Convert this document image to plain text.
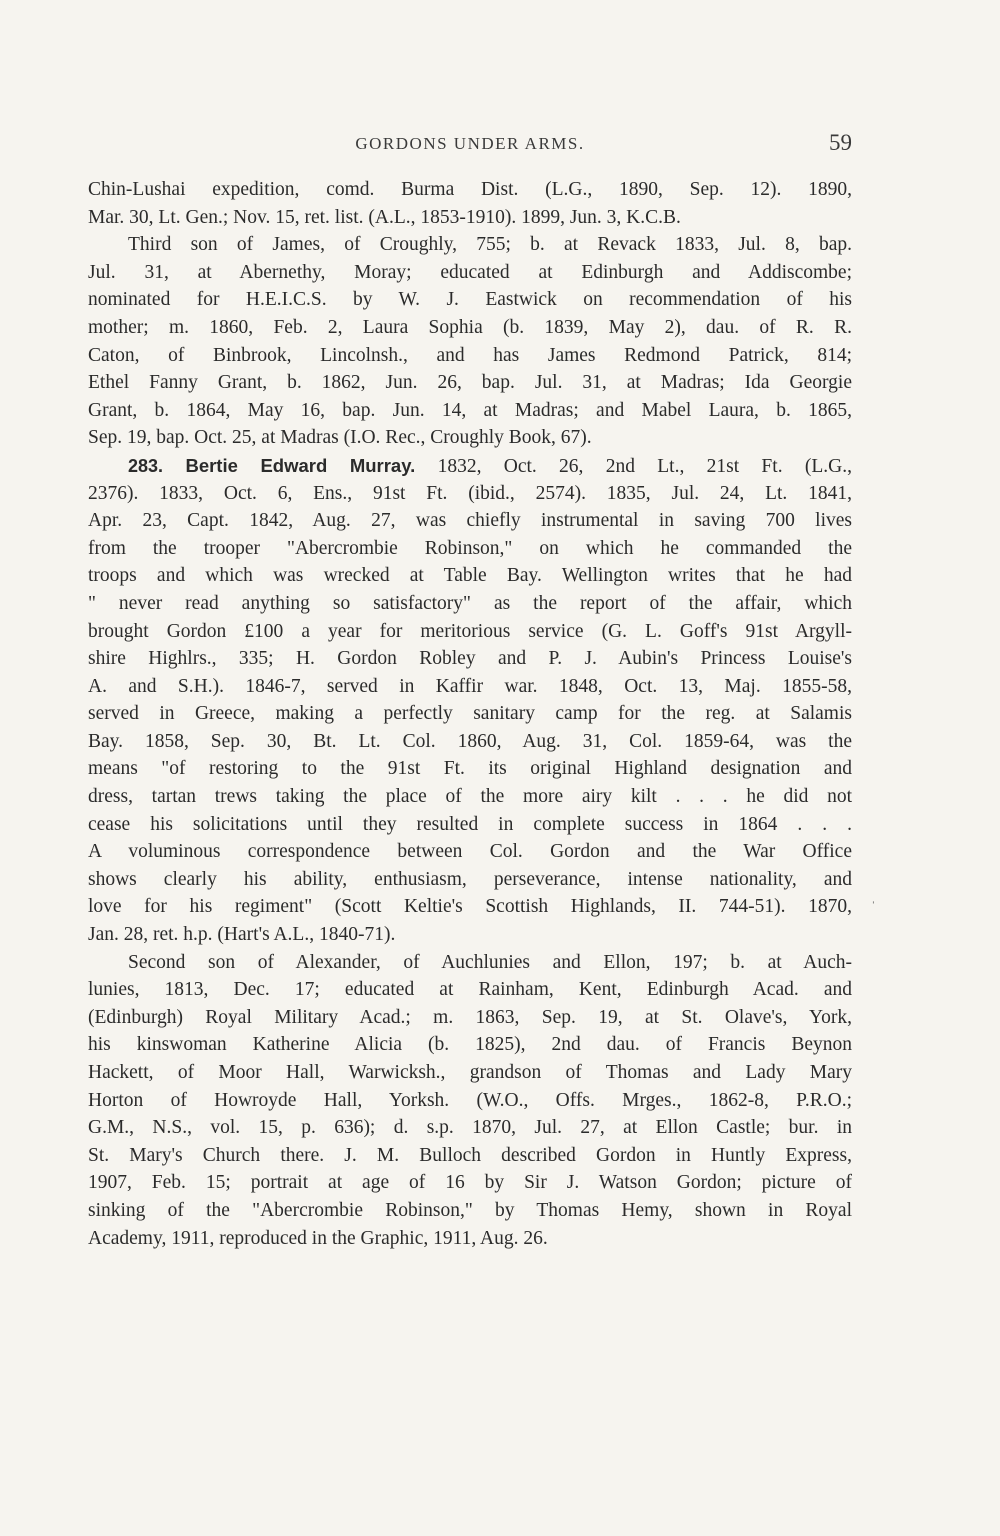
GORDONS UNDER ARMS.	59
Chin-Lushai expedition, comd. Burma Dist. (L.G., 1890, Sep. 12). 1890,
Mar. 30, Lt. Gen.; Nov. 15, ret. list. (A.L., 1853-1910). 1899, Jun. 3, K.C.B.
Third son of James, of Croughly, 755; b. at Revack 1833, Jul. 8, bap.
Jul. 31, at Abernethy, Moray; educated at Edinburgh and Addiscombe;
nominated for H.E.I.C.S. by W. J. Eastwick on recommendation of his
mother; m. 1860, Feb. 2, Laura Sophia (b. 1839, May 2), dau. of R. R.
Caton, of Binbrook, Lincolnsh., and has James Redmond Patrick, 814;
Ethel Fanny Grant, b. 1862, Jun. 26, bap. Jul. 31, at Madras; Ida Georgie
Grant, b. 1864, May 16, bap. Jun. 14, at Madras; and Mabel Laura, b. 1865,
Sep. 19, bap. Oct. 25, at Madras (I.O. Rec., Croughly Book, 67).
283. Bertie Edward Murray. 1832, Oct. 26, 2nd Lt., 21st Ft. (L.G.,
2376). 1833, Oct. 6, Ens., 91st Ft. (ibid., 2574). 1835, Jul. 24, Lt. 1841,
Apr. 23, Capt. 1842, Aug. 27, was chiefly instrumental in saving 700 lives
from the trooper "Abercrombie Robinson," on which he commanded the
troops and which was wrecked at Table Bay. Wellington writes that he had
" never read anything so satisfactory" as the report of the affair, which
brought Gordon £100 a year for meritorious service (G. L. Goff's 91st Argyll-
shire Highlrs., 335; H. Gordon Robley and P. J. Aubin's Princess Louise's
A. and S.H.). 1846-7, served in Kaffir war. 1848, Oct. 13, Maj. 1855-58,
served in Greece, making a perfectly sanitary camp for the reg. at Salamis
Bay. 1858, Sep. 30, Bt. Lt. Col. 1860, Aug. 31, Col. 1859-64, was the
means "of restoring to the 91st Ft. its original Highland designation and
dress, tartan trews taking the place of the more airy kilt . . . he did not
cease his solicitations until they resulted in complete success in 1864 . . .
A voluminous correspondence between Col. Gordon and the War Office
shows clearly his ability, enthusiasm, perseverance, intense nationality, and
love for his regiment" (Scott Keltie's Scottish Highlands, II. 744-51). 1870,
Jan. 28, ret. h.p. (Hart's A.L., 1840-71).
Second son of Alexander, of Auchlunies and Ellon, 197; b. at Auch-
lunies, 1813, Dec. 17; educated at Rainham, Kent, Edinburgh Acad. and
(Edinburgh) Royal Military Acad.; m. 1863, Sep. 19, at St. Olave's, York,
his kinswoman Katherine Alicia (b. 1825), 2nd dau. of Francis Beynon
Hackett, of Moor Hall, Warwicksh., grandson of Thomas and Lady Mary
Horton of Howroyde Hall, Yorksh. (W.O., Offs. Mrges., 1862-8, P.R.O.;
G.M., N.S., vol. 15, p. 636); d. s.p. 1870, Jul. 27, at Ellon Castle; bur. in
St. Mary's Church there. J. M. Bulloch described Gordon in Huntly Express,
1907, Feb. 15; portrait at age of 16 by Sir J. Watson Gordon; picture of
sinking of the "Abercrombie Robinson," by Thomas Hemy, shown in Royal
Academy, 1911, reproduced in the Graphic, 1911, Aug. 26.
ˈ
